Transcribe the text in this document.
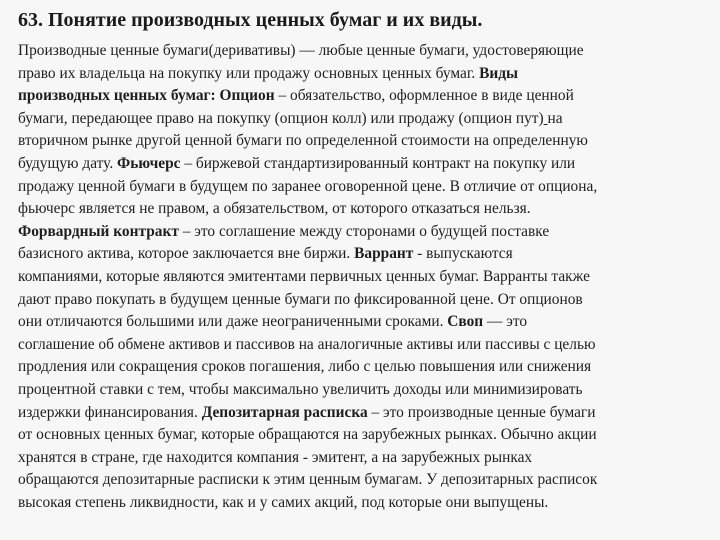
63. Понятие производных ценных бумаг и их виды.
Производные ценные бумаги(деривативы) — любые ценные бумаги, удостоверяющие
право их владельца на покупку или продажу основных ценных бумаг. Виды
производных ценных бумаг: Опцион – обязательство, оформленное в виде ценной
бумаги, передающее право на покупку (опцион колл) или продажу (опцион пут) на
вторичном рынке другой ценной бумаги по определенной стоимости на определенную
будущую дату. Фьючерс – биржевой стандартизированный контракт на покупку или
продажу ценной бумаги в будущем по заранее оговоренной цене. В отличие от опциона,
фьючерс является не правом, а обязательством, от которого отказаться нельзя.
Форвардный контракт – это соглашение между сторонами о будущей поставке
базисного актива, которое заключается вне биржи. Варрант - выпускаются
компаниями, которые являются эмитентами первичных ценных бумаг. Варранты также
дают право покупать в будущем ценные бумаги по фиксированной цене. От опционов
они отличаются большими или даже неограниченными сроками. Своп — это
соглашение об обмене активов и пассивов на аналогичные активы или пассивы с целью
продления или сокращения сроков погашения, либо с целью повышения или снижения
процентной ставки с тем, чтобы максимально увеличить доходы или минимизировать
издержки финансирования. Депозитарная расписка – это производные ценные бумаги
от основных ценных бумаг, которые обращаются на зарубежных рынках. Обычно акции
хранятся в стране, где находится компания - эмитент, а на зарубежных рынках
обращаются депозитарные расписки к этим ценным бумагам. У депозитарных расписок
высокая степень ликвидности, как и у самих акций, под которые они выпущены.
